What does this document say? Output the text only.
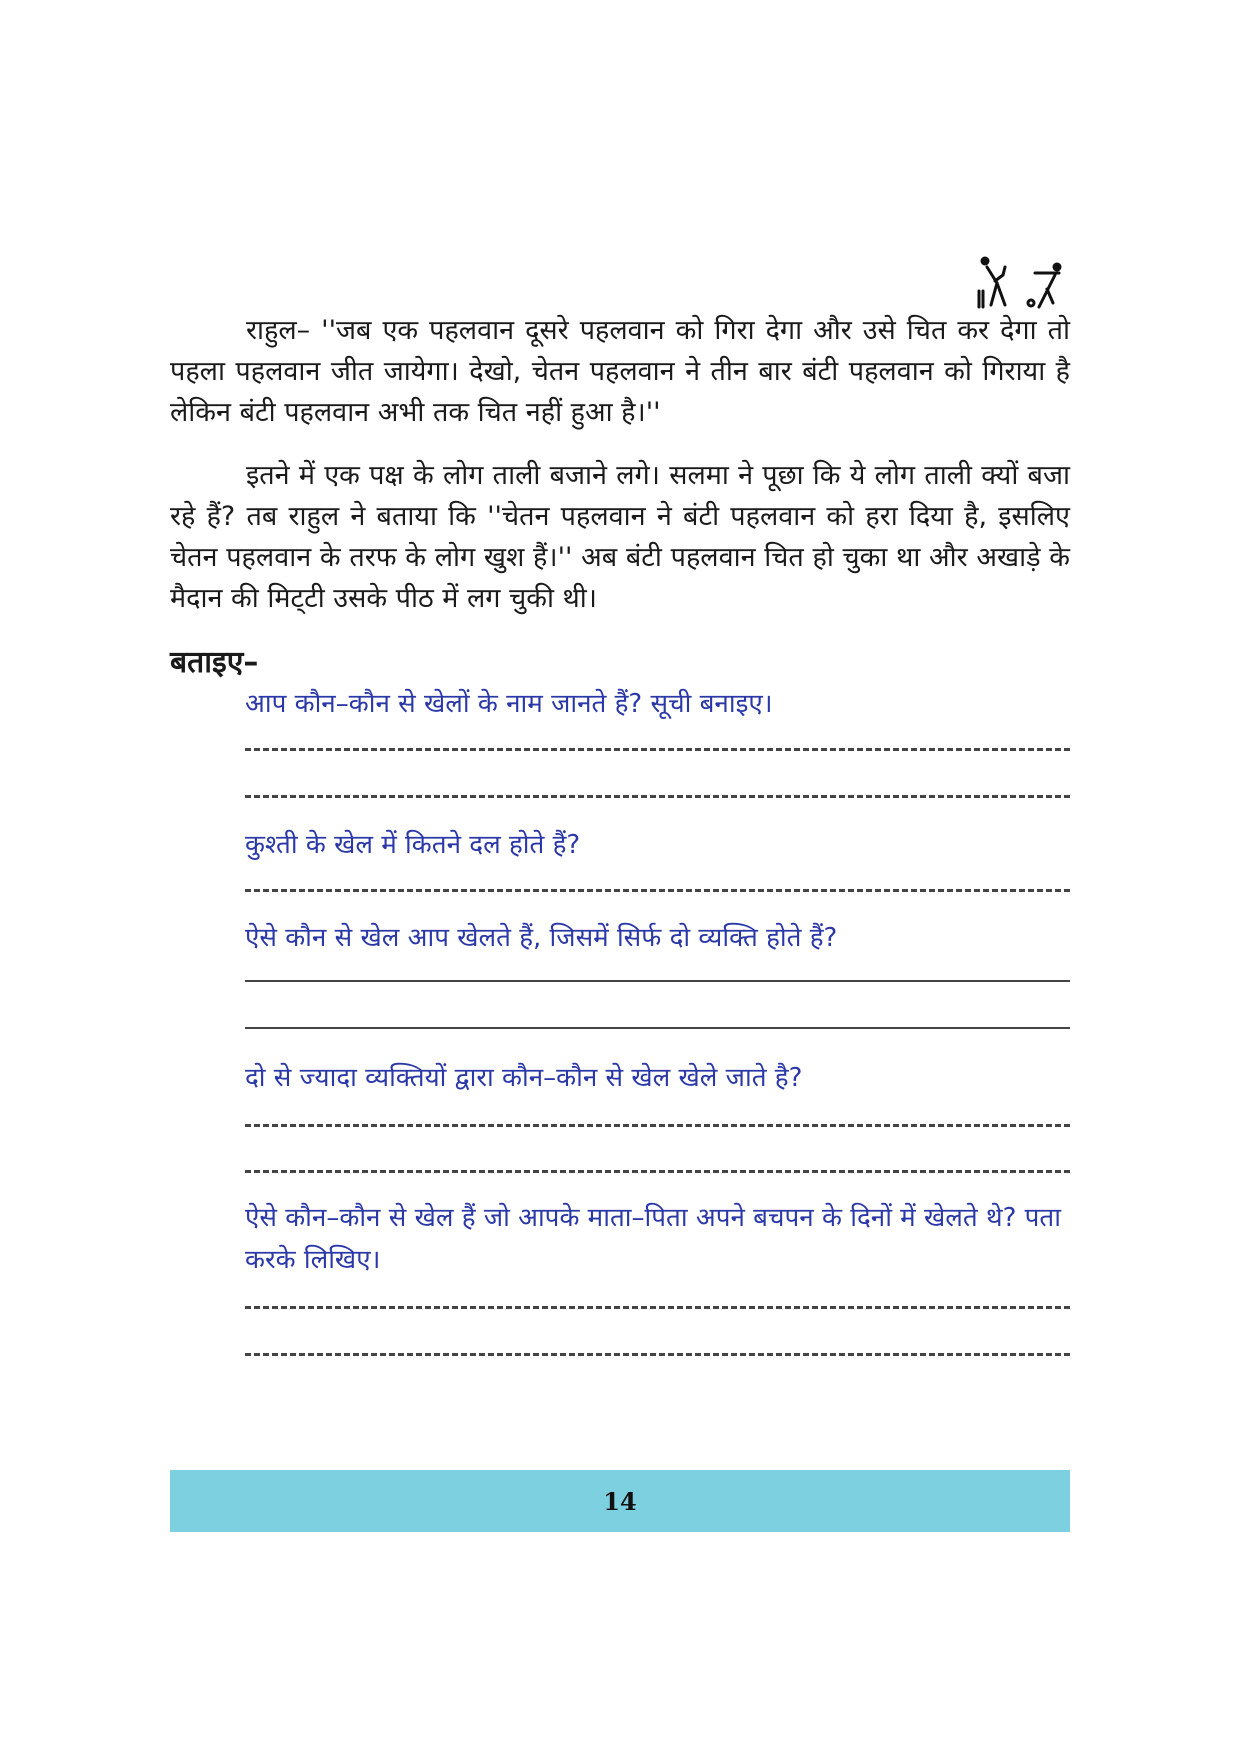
राहुल– ''जब एक पहलवान दूसरे पहलवान को गिरा देगा और उसे चित कर देगा तो पहला पहलवान जीत जायेगा। देखो, चेतन पहलवान ने तीन बार बंटी पहलवान को गिराया है लेकिन बंटी पहलवान अभी तक चित नहीं हुआ है।''

इतने में एक पक्ष के लोग ताली बजाने लगे। सलमा ने पूछा कि ये लोग ताली क्यों बजा रहे हैं? तब राहुल ने बताया कि ''चेतन पहलवान ने बंटी पहलवान को हरा दिया है, इसलिए चेतन पहलवान के तरफ के लोग खुश हैं।'' अब बंटी पहलवान चित हो चुका था और अखाड़े के मैदान की मिट्‌टी उसके पीठ में लग चुकी थी।

बताइए–

आप कौन–कौन से खेलों के नाम जानते हैं? सूची बनाइए।

कुश्ती के खेल में कितने दल होते हैं?

ऐसे कौन से खेल आप खेलते हैं, जिसमें सिर्फ दो व्यक्ति होते हैं?

दो से ज्यादा व्यक्तियों द्वारा कौन–कौन से खेल खेले जाते है?

ऐसे कौन–कौन से खेल हैं जो आपके माता–पिता अपने बचपन के दिनों में खेलते थे? पता करके लिखिए।

14
